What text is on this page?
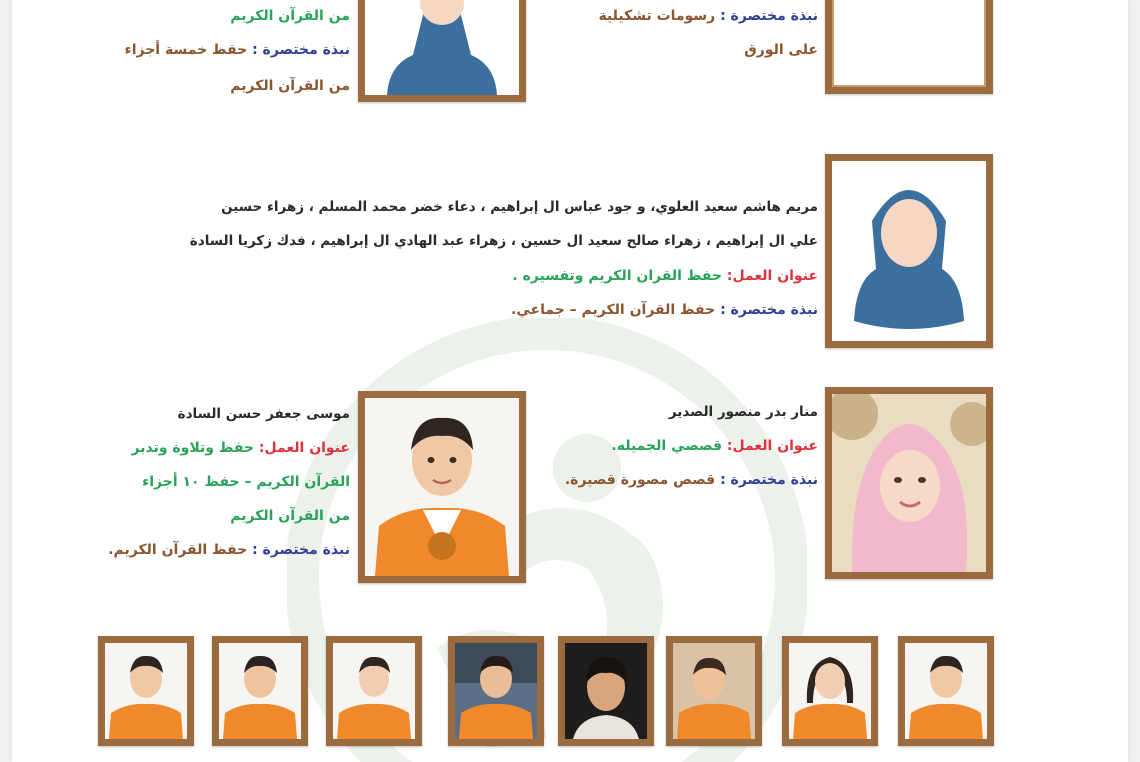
نبذة مختصرة : رسومات تشكيلية
على الورق
من القرآن الكريم
نبذة مختصرة : حفظ خمسة أجزاء
من القرآن الكريم
مريم هاشم سعيد العلوي، و جود عباس ال إبراهيم ، دعاء خضر محمد المسلم ، زهراء حسين
علي ال إبراهيم ، زهراء صالح سعيد ال حسين ، زهراء عبد الهادي ال إبراهيم ، فدك زكريا السادة
عنوان العمل: حفظ القران الكريم وتفسيره .
نبذة مختصرة : حفظ القرآن الكريم – جماعي.
منار بدر منصور الصدير
عنوان العمل: قصصي الجميله.
نبذة مختصرة : قصص مصورة قصيرة.
موسى جعفر حسن السادة
عنوان العمل: حفظ وتلاوة وتدبر
القرآن الكريم – حفظ ١٠ أجزاء
من القرآن الكريم
نبذة مختصرة : حفظ القرآن الكريم.
